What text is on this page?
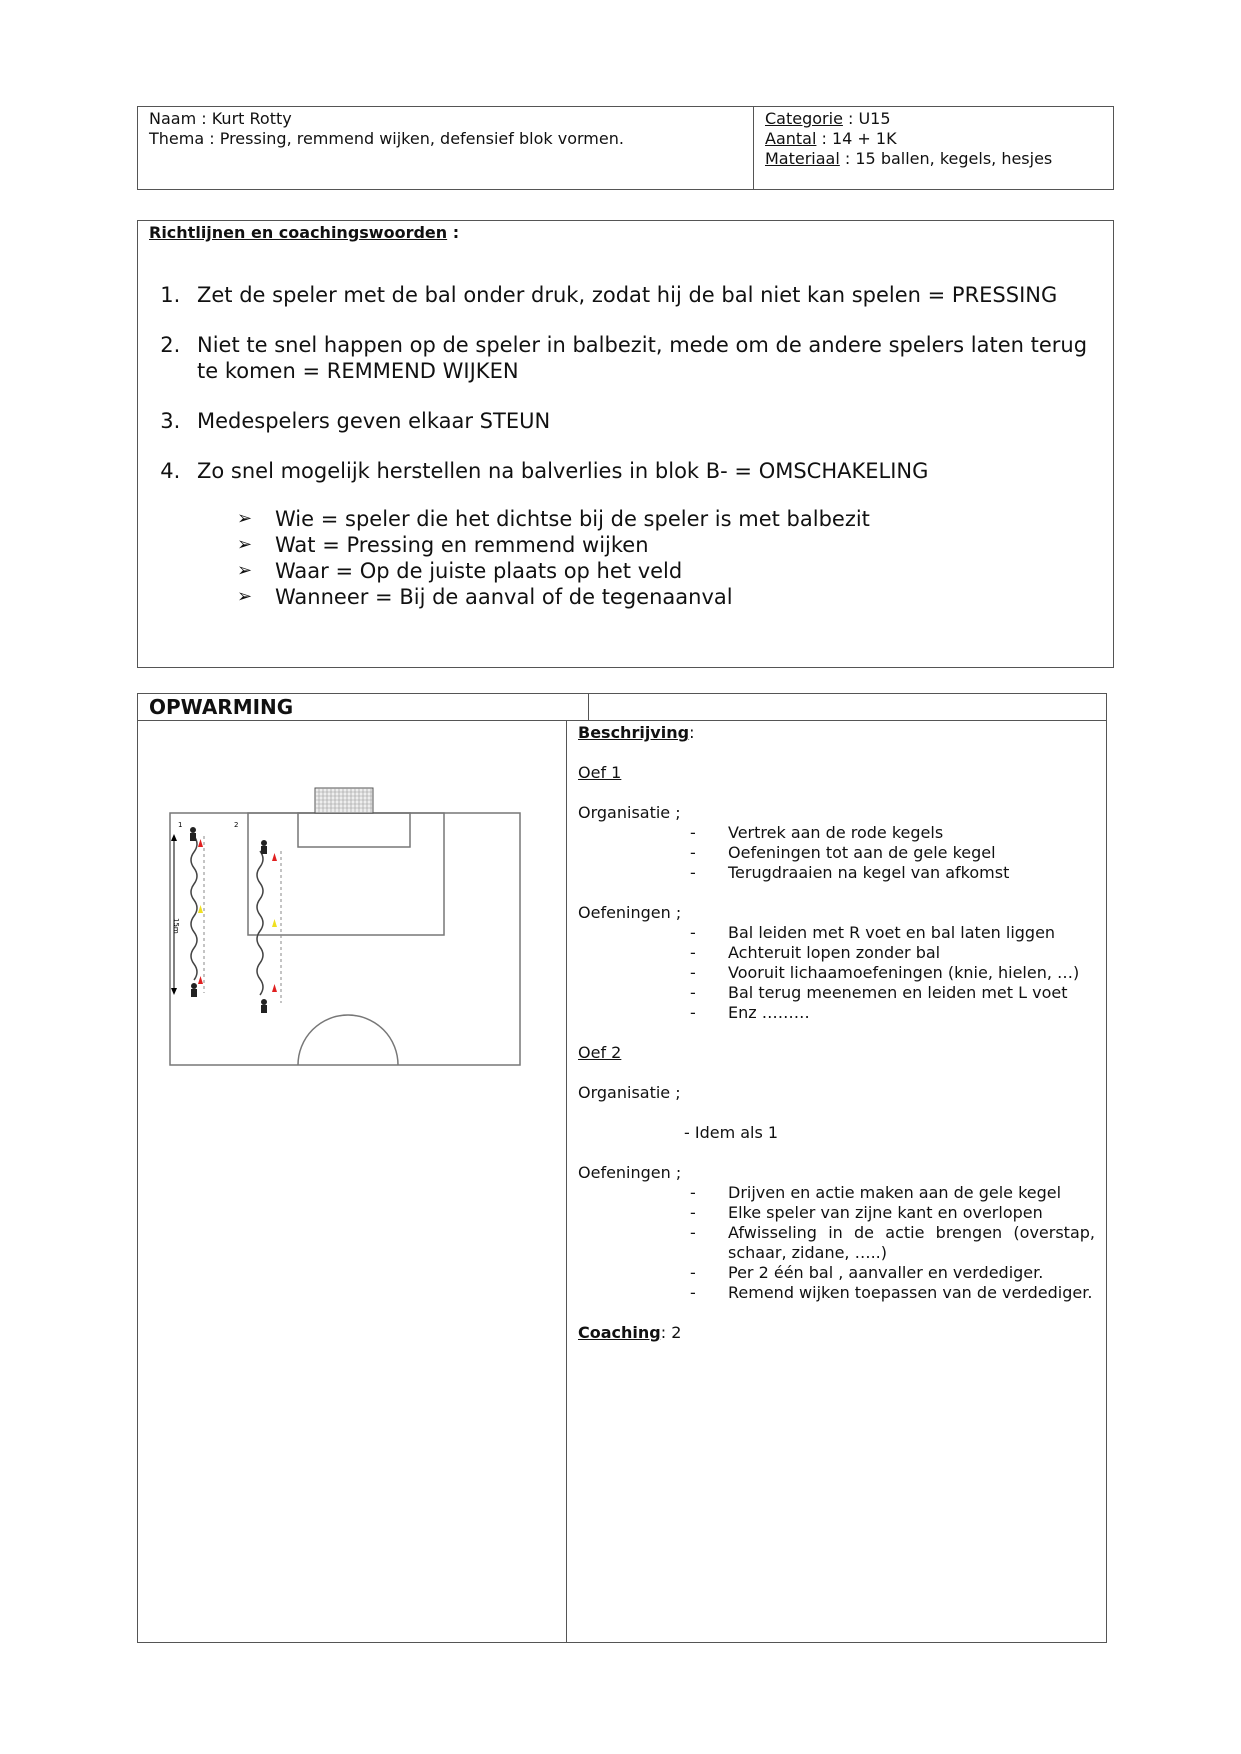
Naam : Kurt Rotty
Thema : Pressing, remmend wijken, defensief blok vormen.
Categorie : U15
Aantal : 14 + 1K
Materiaal : 15 ballen, kegels, hesjes
Richtlijnen en coachingswoorden :
1. Zet de speler met de bal onder druk, zodat hij de bal niet kan spelen = PRESSING
2. Niet te snel happen op de speler in balbezit, mede om de andere spelers laten terug te komen = REMMEND WIJKEN
3. Medespelers geven elkaar STEUN
4. Zo snel mogelijk herstellen na balverlies in blok B- = OMSCHAKELING
➢	Wie = speler die het dichtse bij de speler is met balbezit
➢	Wat = Pressing en remmend wijken
➢	Waar = Op de juiste plaats op het veld
➢	Wanneer = Bij de aanval of de tegenaanval
OPWARMING
1	2
15m

Beschrijving:

Oef 1

Organisatie ;

-	Vertrek aan de rode kegels
-	Oefeningen tot aan de gele kegel
-	Terugdraaien na kegel van afkomst

Oefeningen ;

-	Bal leiden met R voet en bal laten liggen
-	Achteruit lopen zonder bal
-	Vooruit lichaamoefeningen (knie, hielen, …)
-	Bal terug meenemen en leiden met L voet
-	Enz ………

Oef 2

Organisatie ;

- Idem als 1

Oefeningen ;

-	Drijven en actie maken aan de gele kegel
-	Elke speler van zijne kant en overlopen
-	Afwisseling in de actie brengen (overstap, schaar, zidane, …..)
-	Per 2 één bal , aanvaller en verdediger.
-	Remend wijken toepassen van de verdediger.

Coaching: 2
